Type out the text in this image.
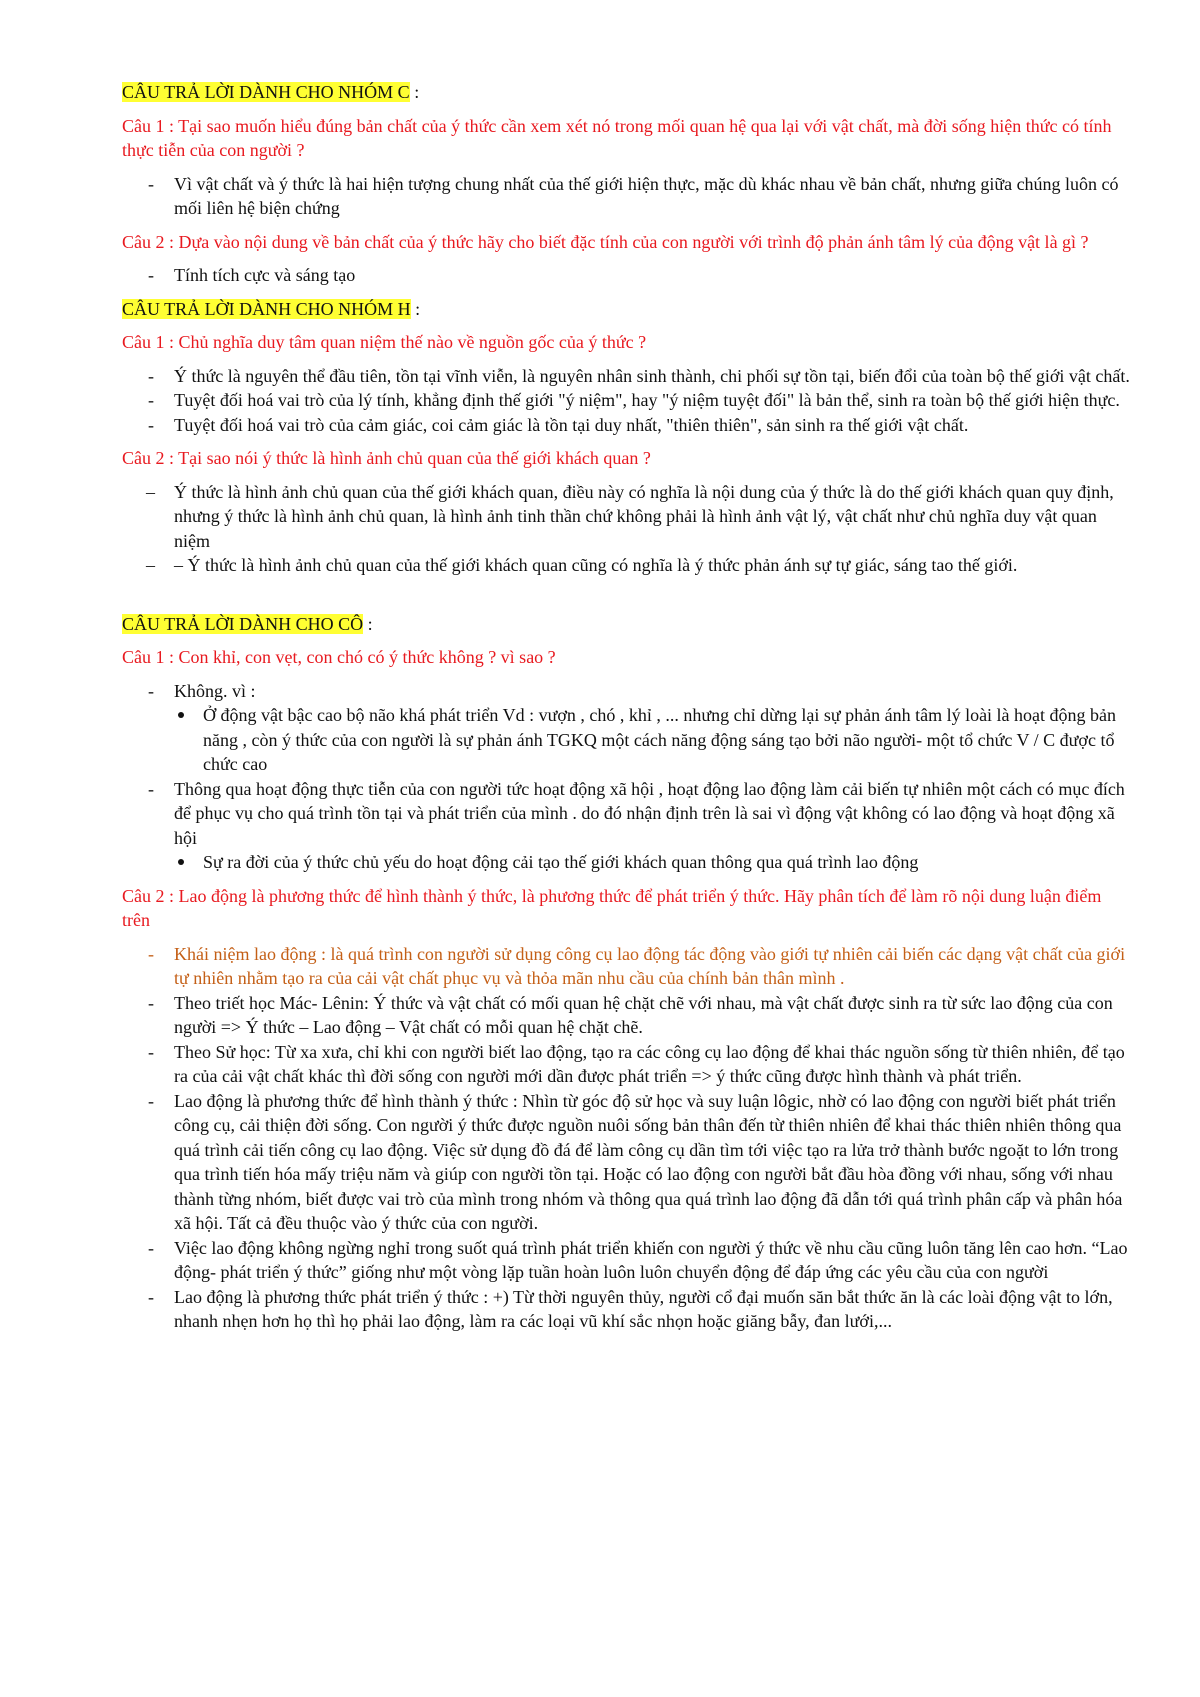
CÂU TRẢ LỜI DÀNH CHO NHÓM C :
Câu 1 : Tại sao muốn hiểu đúng bản chất của ý thức cần xem xét nó trong mối quan hệ qua lại với vật chất, mà đời sống hiện thức có tính thực tiễn của con người ?
- Vì vật chất và ý thức là hai hiện tượng chung nhất của thế giới hiện thực, mặc dù khác nhau về bản chất, nhưng giữa chúng luôn có mối liên hệ biện chứng
Câu 2 : Dựa vào nội dung về bản chất của ý thức hãy cho biết đặc tính của con người với trình độ phản ánh tâm lý của động vật là gì ?
- Tính tích cực và sáng tạo
CÂU TRẢ LỜI DÀNH CHO NHÓM H :
Câu 1 : Chủ nghĩa duy tâm quan niệm thế nào về nguồn gốc của ý thức ?
- Ý thức là nguyên thể đầu tiên, tồn tại vĩnh viễn, là nguyên nhân sinh thành, chi phối sự tồn tại, biến đổi của toàn bộ thế giới vật chất.
- Tuyệt đối hoá vai trò của lý tính, khẳng định thế giới "ý niệm", hay "ý niệm tuyệt đối" là bản thể, sinh ra toàn bộ thế giới hiện thực.
- Tuyệt đối hoá vai trò của cảm giác, coi cảm giác là tồn tại duy nhất, "thiên thiên", sản sinh ra thế giới vật chất.
Câu 2 : Tại sao nói ý thức là hình ảnh chủ quan của thế giới khách quan ?
– Ý thức là hình ảnh chủ quan của thế giới khách quan, điều này có nghĩa là nội dung của ý thức là do thế giới khách quan quy định, nhưng ý thức là hình ảnh chủ quan, là hình ảnh tinh thần chứ không phải là hình ảnh vật lý, vật chất như chủ nghĩa duy vật quan niệm
– – Ý thức là hình ảnh chủ quan của thế giới khách quan cũng có nghĩa là ý thức phản ánh sự tự giác, sáng tao thế giới.
CÂU TRẢ LỜI DÀNH CHO CÔ :
Câu 1 : Con khỉ, con vẹt, con chó có ý thức không ? vì sao ?
- Không. vì :
Ở động vật bậc cao bộ não khá phát triển Vd : vượn , chó , khỉ , ... nhưng chỉ dừng lại sự phản ánh tâm lý loài là hoạt động bản năng , còn ý thức của con người là sự phản ánh TGKQ một cách năng động sáng tạo bởi não người- một tổ chức V / C được tổ chức cao
- Thông qua hoạt động thực tiễn của con người tức hoạt động xã hội , hoạt động lao động làm cải biến tự nhiên một cách có mục đích để phục vụ cho quá trình tồn tại và phát triển của mình . do đó nhận định trên là sai vì động vật không có lao động và hoạt động xã hội
Sự ra đời của ý thức chủ yếu do hoạt động cải tạo thế giới khách quan thông qua quá trình lao động
Câu 2 : Lao động là phương thức để hình thành ý thức, là phương thức để phát triển ý thức. Hãy phân tích để làm rõ nội dung luận điểm trên
- Khái niệm lao động : là quá trình con người sử dụng công cụ lao động tác động vào giới tự nhiên cải biến các dạng vật chất của giới tự nhiên nhằm tạo ra của cải vật chất phục vụ và thỏa mãn nhu cầu của chính bản thân mình .
- Theo triết học Mác- Lênin: Ý thức và vật chất có mối quan hệ chặt chẽ với nhau, mà vật chất được sinh ra từ sức lao động của con người => Ý thức – Lao động – Vật chất có mỗi quan hệ chặt chẽ.
- Theo Sử học: Từ xa xưa, chỉ khi con người biết lao động, tạo ra các công cụ lao động để khai thác nguồn sống từ thiên nhiên, để tạo ra của cải vật chất khác thì đời sống con người mới dần được phát triển => ý thức cũng được hình thành và phát triển.
- Lao động là phương thức để hình thành ý thức : Nhìn từ góc độ sử học và suy luận lôgic, nhờ có lao động con người biết phát triển công cụ, cải thiện đời sống. Con người ý thức được nguồn nuôi sống bản thân đến từ thiên nhiên để khai thác thiên nhiên thông qua quá trình cải tiến công cụ lao động. Việc sử dụng đồ đá để làm công cụ dần tìm tới việc tạo ra lửa trở thành bước ngoặt to lớn trong qua trình tiến hóa mấy triệu năm và giúp con người tồn tại. Hoặc có lao động con người bắt đầu hòa đồng với nhau, sống với nhau thành từng nhóm, biết được vai trò của mình trong nhóm và thông qua quá trình lao động đã dẫn tới quá trình phân cấp và phân hóa xã hội. Tất cả đều thuộc vào ý thức của con người.
- Việc lao động không ngừng nghỉ trong suốt quá trình phát triển khiến con người ý thức về nhu cầu cũng luôn tăng lên cao hơn. “Lao động- phát triển ý thức” giống như một vòng lặp tuần hoàn luôn luôn chuyển động để đáp ứng các yêu cầu của con người
- Lao động là phương thức phát triển ý thức : +) Từ thời nguyên thủy, người cổ đại muốn săn bắt thức ăn là các loài động vật to lớn, nhanh nhẹn hơn họ thì họ phải lao động, làm ra các loại vũ khí sắc nhọn hoặc giăng bẫy, đan lưới,...
